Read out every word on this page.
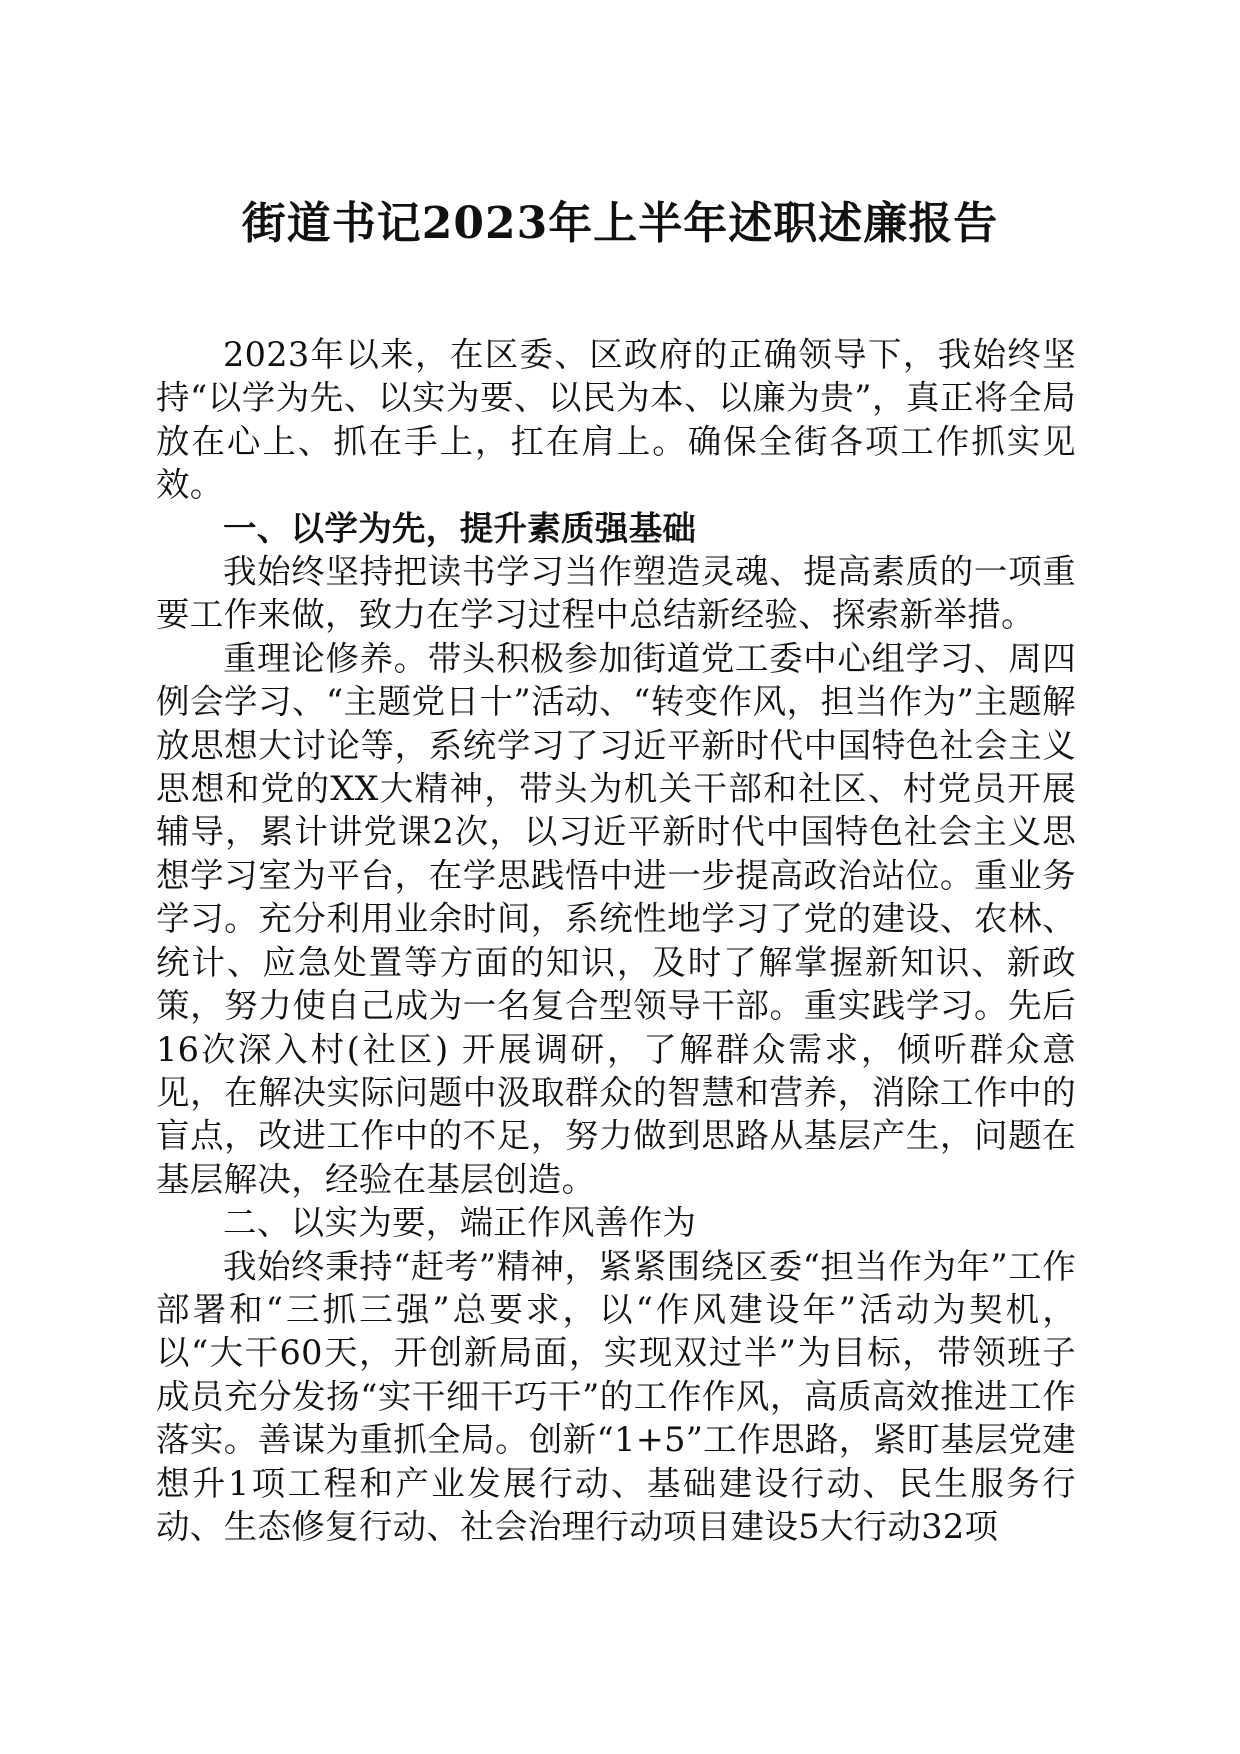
街道书记2023年上半年述职述廉报告

2023年以来，在区委、区政府的正确领导下，我始终坚持“以学为先、以实为要、以民为本、以廉为贵”，真正将全局放在心上、抓在手上，扛在肩上。确保全街各项工作抓实见效。

一、以学为先，提升素质强基础

我始终坚持把读书学习当作塑造灵魂、提高素质的一项重要工作来做，致力在学习过程中总结新经验、探索新举措。

重理论修养。带头积极参加街道党工委中心组学习、周四例会学习、“主题党日十”活动、“转变作风，担当作为”主题解放思想大讨论等，系统学习了习近平新时代中国特色社会主义思想和党的XX大精神，带头为机关干部和社区、村党员开展辅导，累计讲党课2次，以习近平新时代中国特色社会主义思想学习室为平台，在学思践悟中进一步提高政治站位。重业务学习。充分利用业余时间，系统性地学习了党的建设、农林、统计、应急处置等方面的知识，及时了解掌握新知识、新政策，努力使自己成为一名复合型领导干部。重实践学习。先后16次深入村(社区) 开展调研，了解群众需求，倾听群众意见，在解决实际问题中汲取群众的智慧和营养，消除工作中的盲点，改进工作中的不足，努力做到思路从基层产生，问题在基层解决，经验在基层创造。

二、以实为要，端正作风善作为

我始终秉持“赶考”精神，紧紧围绕区委“担当作为年”工作部署和“三抓三强”总要求，以“作风建设年”活动为契机，以“大干60天，开创新局面，实现双过半”为目标，带领班子成员充分发扬“实干细干巧干”的工作作风，高质高效推进工作落实。善谋为重抓全局。创新“1+5”工作思路，紧盯基层党建想升1项工程和产业发展行动、基础建设行动、民生服务行动、生态修复行动、社会治理行动项目建设5大行动32项
